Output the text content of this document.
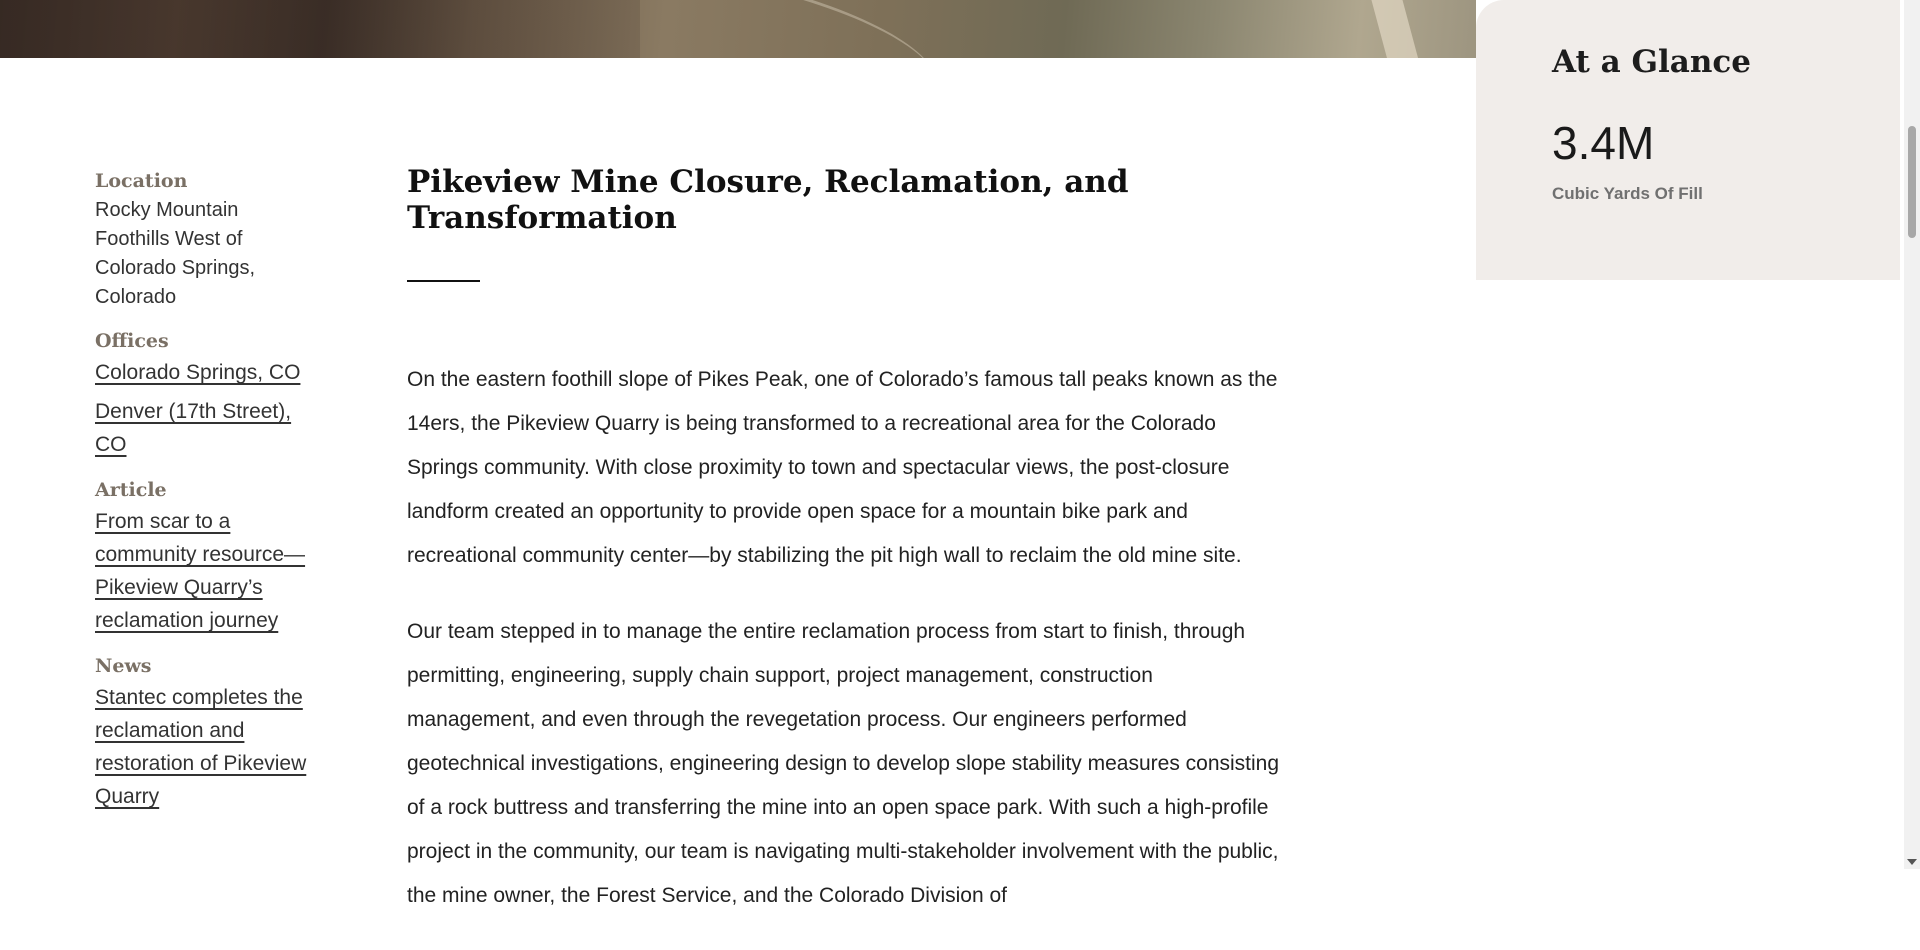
At a Glance
3.4M
Cubic Yards Of Fill
Location
Rocky Mountain Foothills West of Colorado Springs, Colorado
Offices
Colorado Springs, CO
Denver (17th Street), CO
Article
From scar to a community resource—Pikeview Quarry’s reclamation journey
News
Stantec completes the reclamation and restoration of Pikeview Quarry
Pikeview Mine Closure, Reclamation, and Transformation

On the eastern foothill slope of Pikes Peak, one of Colorado’s famous tall peaks known as the 14ers, the Pikeview Quarry is being transformed to a recreational area for the Colorado Springs community. With close proximity to town and spectacular views, the post-closure landform created an opportunity to provide open space for a mountain bike park and recreational community center—by stabilizing the pit high wall to reclaim the old mine site.

Our team stepped in to manage the entire reclamation process from start to finish, through permitting, engineering, supply chain support, project management, construction management, and even through the revegetation process. Our engineers performed geotechnical investigations, engineering design to develop slope stability measures consisting of a rock buttress and transferring the mine into an open space park. With such a high-profile project in the community, our team is navigating multi-stakeholder involvement with the public, the mine owner, the Forest Service, and the Colorado Division of
